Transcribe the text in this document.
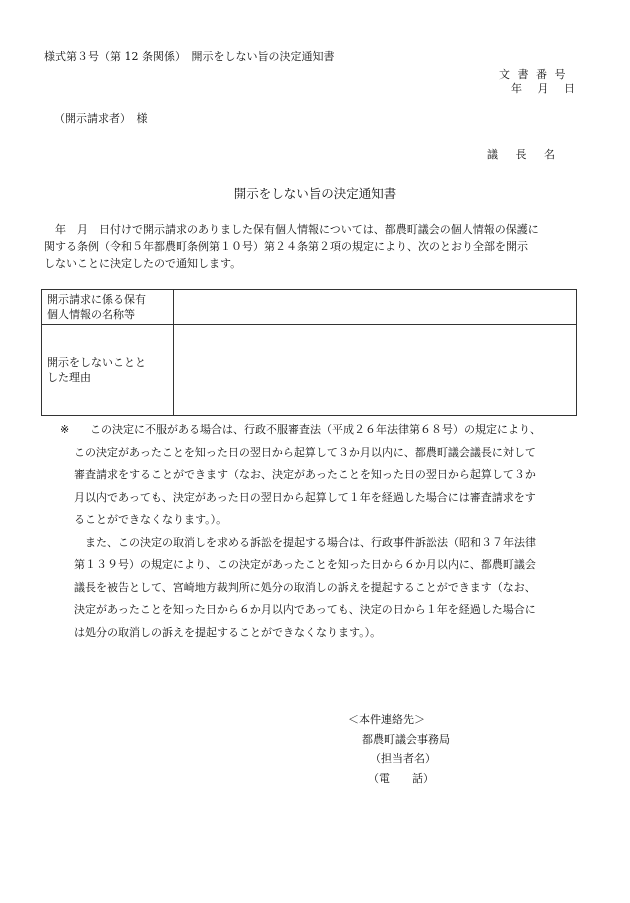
様式第３号（第 12 条関係）　開示をしない旨の決定通知書
文 書 番 号
年 月 日
（開示請求者）　様
議 長 名
開示をしない旨の決定通知書

　年　月　日付けで開示請求のありました保有個人情報については、都農町議会の個人情報の保護に

関する条例（令和５年都農町条例第１０号）第２４条第２項の規定により、次のとおり全部を開示

しないことに決定したので通知します。

開示請求に係る保有
個人情報の名称等	

開示をしないことと
した理由	

※ この決定に不服がある場合は、行政不服審査法（平成２６年法律第６８号）の規定により、
この決定があったことを知った日の翌日から起算して３か月以内に、都農町議会議長に対して
審査請求をすることができます（なお、決定があったことを知った日の翌日から起算して３か
月以内であっても、決定があった日の翌日から起算して１年を経過した場合には審査請求をす
ることができなくなります。）。
　また、この決定の取消しを求める訴訟を提起する場合は、行政事件訴訟法（昭和３７年法律
第１３９号）の規定により、この決定があったことを知った日から６か月以内に、都農町議会
議長を被告として、宮崎地方裁判所に処分の取消しの訴えを提起することができます（なお、
決定があったことを知った日から６か月以内であっても、決定の日から１年を経過した場合に
は処分の取消しの訴えを提起することができなくなります。）。
＜本件連絡先＞
都農町議会事務局
（担当者名）
（電　　話）
